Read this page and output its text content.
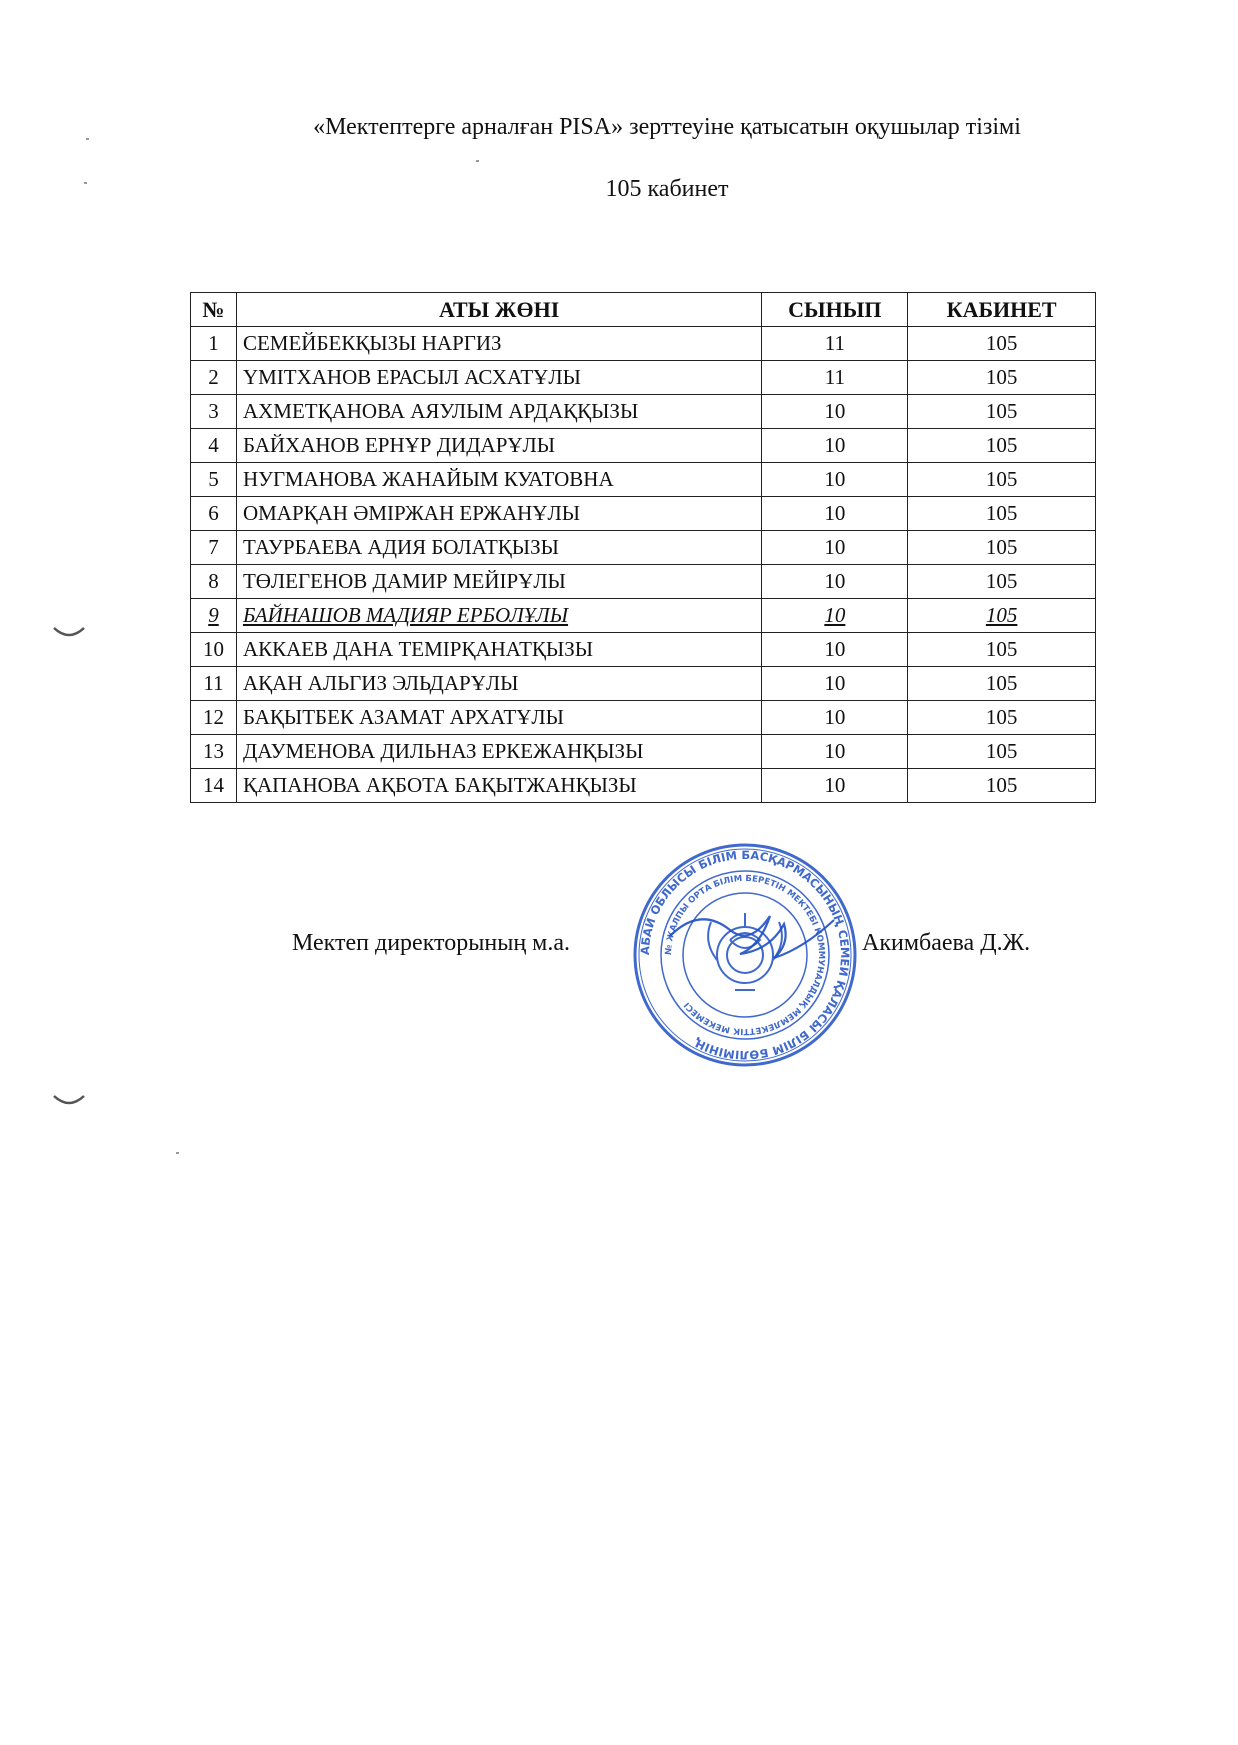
«Мектептерге арналған PISA» зерттеуіне қатысатын оқушылар тізімі
105 кабинет
№	АТЫ ЖӨНІ	СЫНЫП	КАБИНЕТ
1	СЕМЕЙБЕКҚЫЗЫ НАРГИЗ	11	105
2	ҮМІТХАНОВ ЕРАСЫЛ АСХАТҰЛЫ	11	105
3	АХМЕТҚАНОВА АЯУЛЫМ АРДАҚҚЫЗЫ	10	105
4	БАЙХАНОВ ЕРНҰР ДИДАРҰЛЫ	10	105
5	НУГМАНОВА ЖАНАЙЫМ КУАТОВНА	10	105
6	ОМАРҚАН ӘМІРЖАН ЕРЖАНҰЛЫ	10	105
7	ТАУРБАЕВА АДИЯ БОЛАТҚЫЗЫ	10	105
8	ТӨЛЕГЕНОВ ДАМИР МЕЙІРҰЛЫ	10	105
9	БАЙНАШОВ МАДИЯР ЕРБОЛҰЛЫ	10	105
10	АККАЕВ ДАНА ТЕМІРҚАНАТҚЫЗЫ	10	105
11	АҚАН АЛЬГИЗ ЭЛЬДАРҰЛЫ	10	105
12	БАҚЫТБЕК АЗАМАТ АРХАТҰЛЫ	10	105
13	ДАУМЕНОВА ДИЛЬНАЗ ЕРКЕЖАНҚЫЗЫ	10	105
14	ҚАПАНОВА АҚБОТА БАҚЫТЖАНҚЫЗЫ	10	105
Мектеп директорының м.а.	Акимбаева Д.Ж.
АБАЙ ОБЛЫСЫ БІЛІМ БАСҚАРМАСЫНЫҢ СЕМЕЙ ҚАЛАСЫ БІЛІМ БӨЛІМІНІҢ
№ ЖАЛПЫ ОРТА БІЛІМ БЕРЕТІН МЕКТЕБІ КОММУНАЛДЫҚ МЕМЛЕКЕТТІК МЕКЕМЕСІ
